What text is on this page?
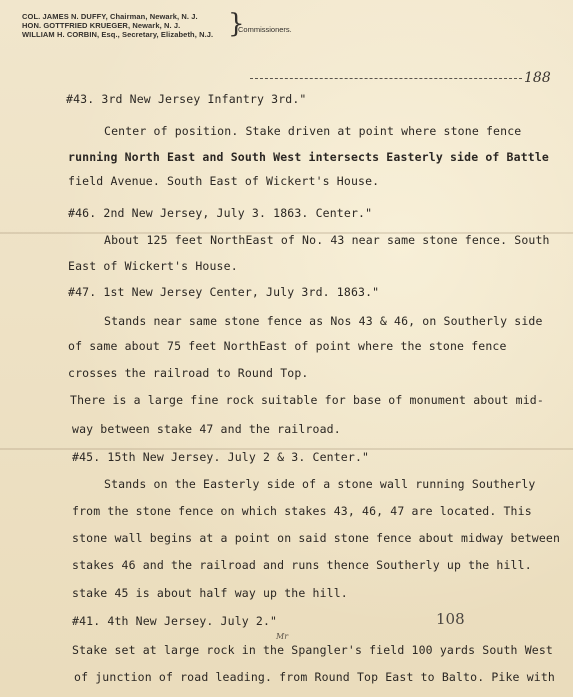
COL. JAMES N. DUFFY, Chairman, Newark, N. J.
HON. GOTTFRIED KRUEGER, Newark, N. J.
WILLIAM H. CORBIN, Esq., Secretary, Elizabeth, N.J. }
Commissioners.
188
#43. 3rd New Jersey Infantry 3rd."
Center of position. Stake driven at point where stone fence
running North East and South West intersects Easterly side of Battle
field Avenue. South East of Wickert's House.
#46. 2nd New Jersey, July 3. 1863. Center."
About 125 feet NorthEast of No. 43 near same stone fence. South
East of Wickert's House.
#47. 1st New Jersey Center, July 3rd. 1863."
Stands near same stone fence as Nos 43 & 46, on Southerly side
of same about 75 feet NorthEast of point where the stone fence
crosses the railroad to Round Top.
There is a large fine rock suitable for base of monument about mid-
way between stake 47 and the railroad.
#45. 15th New Jersey. July 2 & 3. Center."
Stands on the Easterly side of a stone wall running Southerly
from the stone fence on which stakes 43, 46, 47 are located. This
stone wall begins at a point on said stone fence about midway between
stakes 46 and the railroad and runs thence Southerly up the hill.
stake 45 is about half way up the hill.
#41. 4th New Jersey. July 2."
Stake set at large rock in the Spangler's field 100 yards South West
of junction of road leading. from Round Top East to Balto. Pike with
108
Mr
